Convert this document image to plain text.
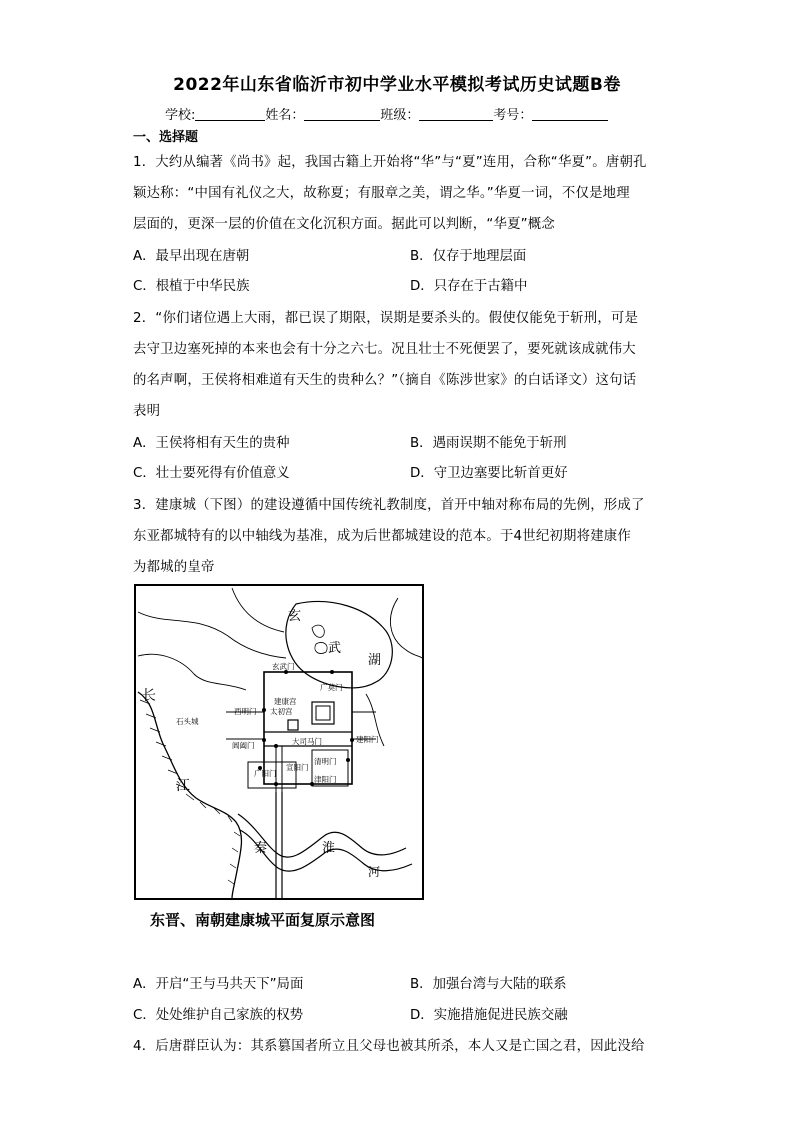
2022年山东省临沂市初中学业水平模拟考试历史试题B卷
学校:	姓名：	班级：	考号：
一、选择题
1．大约从编著《尚书》起，我国古籍上开始将“华”与“夏”连用，合称“华夏”。唐朝孔
颖达称：“中国有礼仪之大，故称夏；有服章之美，谓之华。”华夏一词，不仅是地理
层面的，更深一层的价值在文化沉积方面。据此可以判断，“华夏”概念
A．最早出现在唐朝	B．仅存于地理层面
C．根植于中华民族	D．只存在于古籍中
2．“你们诸位遇上大雨，都已误了期限，误期是要杀头的。假使仅能免于斩刑，可是
去守卫边塞死掉的本来也会有十分之六七。况且壮士不死便罢了，要死就该成就伟大
的名声啊，王侯将相难道有天生的贵种么？”（摘自《陈涉世家》的白话译文）这句话
表明
A．王侯将相有天生的贵种	B．遇雨误期不能免于斩刑
C．壮士要死得有价值意义	D．守卫边塞要比斩首更好
3．建康城（下图）的建设遵循中国传统礼教制度，首开中轴对称布局的先例，形成了
东亚都城特有的以中轴线为基准，成为后世都城建设的范本。于4世纪初期将建康作
为都城的皇帝
玄
武
湖
长
江
秦	淮
河
石头城
玄武门
广莫门
西明门
建康宫
太初宫
阊阖门	大司马门	建阳门
清明门
广阳门
宣阳门
津阳门
东晋、南朝建康城平面复原示意图
A．开启“王与马共天下”局面	B．加强台湾与大陆的联系
C．处处维护自己家族的权势	D．实施措施促进民族交融
4．后唐群臣认为：其系篡国者所立且父母也被其所杀，本人又是亡国之君，因此没给
